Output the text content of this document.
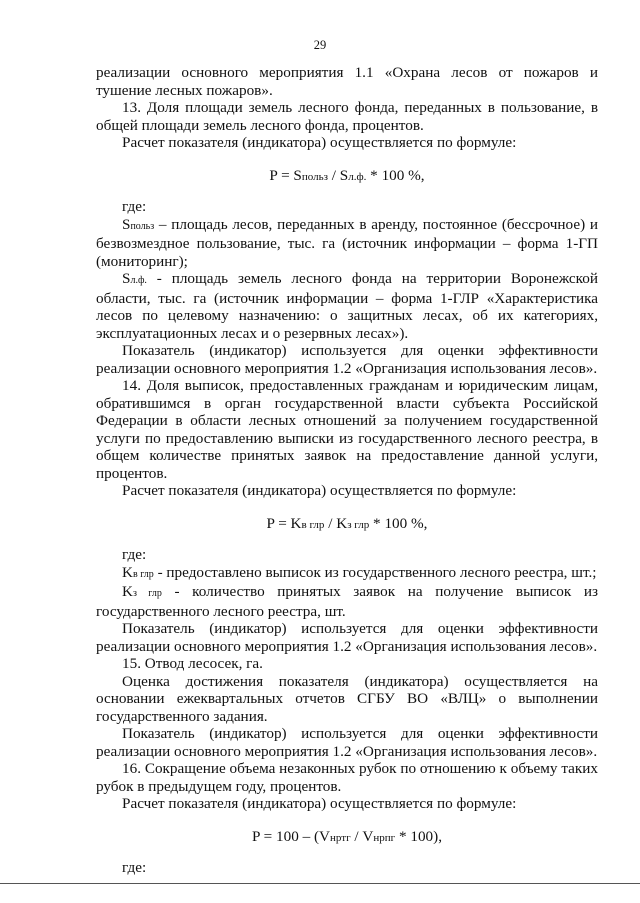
29

реализации основного мероприятия 1.1 «Охрана лесов от пожаров и тушение лесных пожаров».

13. Доля площади земель лесного фонда, переданных в пользование, в общей площади земель лесного фонда, процентов.

Расчет показателя (индикатора) осуществляется по формуле:

P = Sпольз / Sл.ф. * 100 %,

где:

Sпольз – площадь лесов, переданных в аренду, постоянное (бессрочное) и безвозмездное пользование, тыс. га (источник информации – форма 1-ГП (мониторинг);

Sл.ф. - площадь земель лесного фонда на территории Воронежской области, тыс. га (источник информации – форма 1-ГЛР «Характеристика лесов по целевому назначению: о защитных лесах, об их категориях, эксплуатационных лесах и о резервных лесах»).

Показатель (индикатор) используется для оценки эффективности реализации основного мероприятия 1.2 «Организация использования лесов».

14. Доля выписок, предоставленных гражданам и юридическим лицам, обратившимся в орган государственной власти субъекта Российской Федерации в области лесных отношений за получением государственной услуги по предоставлению выписки из государственного лесного реестра, в общем количестве принятых заявок на предоставление данной услуги, процентов.

Расчет показателя (индикатора) осуществляется по формуле:

P = Kв глр / Kз глр * 100 %,

где:

Kв глр - предоставлено выписок из государственного лесного реестра, шт.;

Kз глр - количество принятых заявок на получение выписок из государственного лесного реестра, шт.

Показатель (индикатор) используется для оценки эффективности реализации основного мероприятия 1.2 «Организация использования лесов».

15. Отвод лесосек, га.

Оценка достижения показателя (индикатора) осуществляется на основании ежеквартальных отчетов СГБУ ВО «ВЛЦ» о выполнении государственного задания.

Показатель (индикатор) используется для оценки эффективности реализации основного мероприятия 1.2 «Организация использования лесов».

16. Сокращение объема незаконных рубок по отношению к объему таких рубок в предыдущем году, процентов.

Расчет показателя (индикатора) осуществляется по формуле:

P = 100 – (Vнртг / Vнрпг * 100),

где:
